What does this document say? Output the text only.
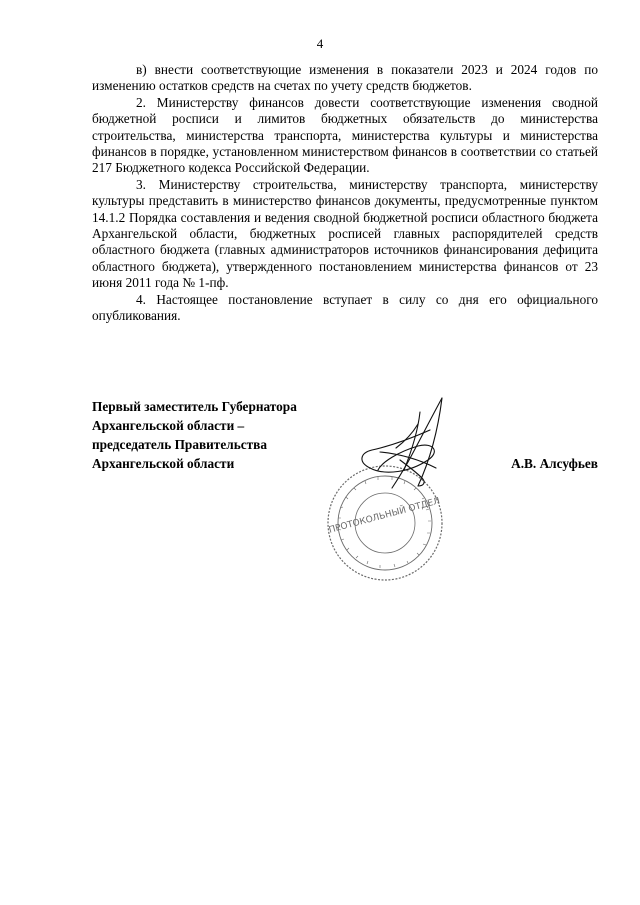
4

в) внести соответствующие изменения в показатели 2023 и 2024 годов по изменению остатков средств на счетах по учету средств бюджетов.

2. Министерству финансов довести соответствующие изменения сводной бюджетной росписи и лимитов бюджетных обязательств до министерства строительства, министерства транспорта, министерства культуры и министерства финансов в порядке, установленном министерством финансов в соответствии со статьей 217 Бюджетного кодекса Российской Федерации.

3. Министерству строительства, министерству транспорта, министерству культуры представить в министерство финансов документы, предусмотренные пунктом 14.1.2 Порядка составления и ведения сводной бюджетной росписи областного бюджета Архангельской области, бюджетных росписей главных распорядителей средств областного бюджета (главных администраторов источников финансирования дефицита областного бюджета), утвержденного постановлением министерства финансов от 23 июня 2011 года № 1-пф.

4. Настоящее постановление вступает в силу со дня его официального опубликования.

ПРОТОКОЛЬНЫЙ ОТДЕЛ
Первый заместитель Губернатора
Архангельской области –
председатель Правительства
Архангельской области	А.В. Алсуфьев
